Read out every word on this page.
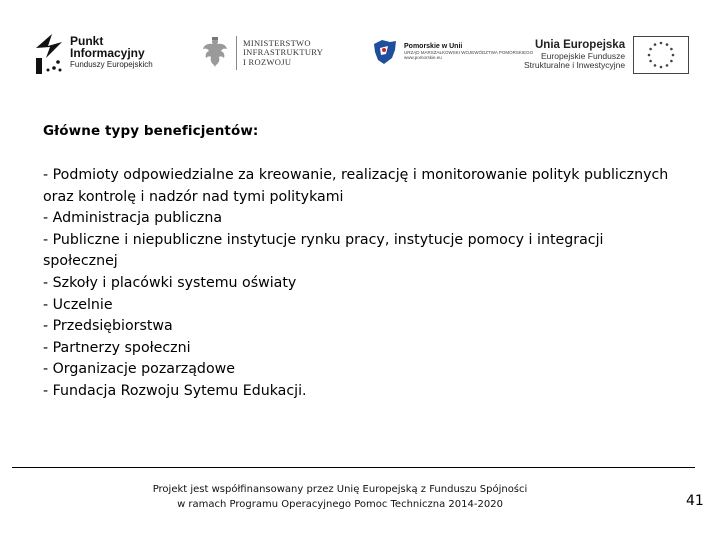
Punkt
Informacyjny
Funduszy Europejskich
MINISTERSTWO
INFRASTRUKTURY
I ROZWOJU
Pomorskie w Unii
URZĄD MARSZAŁKOWSKI WOJEWÓDZTWA POMORSKIEGO
www.pomorskie.eu
Unia Europejska
Europejskie Fundusze
Strukturalne i Inwestycyjne
Główne typy beneficjentów:
- Podmioty odpowiedzialne za kreowanie, realizację i monitorowanie polityk publicznych oraz kontrolę i nadzór nad tymi politykami
- Administracja publiczna
- Publiczne i niepubliczne instytucje rynku pracy, instytucje pomocy i integracji społecznej
- Szkoły i placówki systemu oświaty
- Uczelnie
- Przedsiębiorstwa
- Partnerzy społeczni
- Organizacje pozarządowe
- Fundacja Rozwoju Sytemu Edukacji.
Projekt jest współfinansowany przez Unię Europejską z Funduszu Spójności
w ramach Programu Operacyjnego Pomoc Techniczna 2014-2020	41
